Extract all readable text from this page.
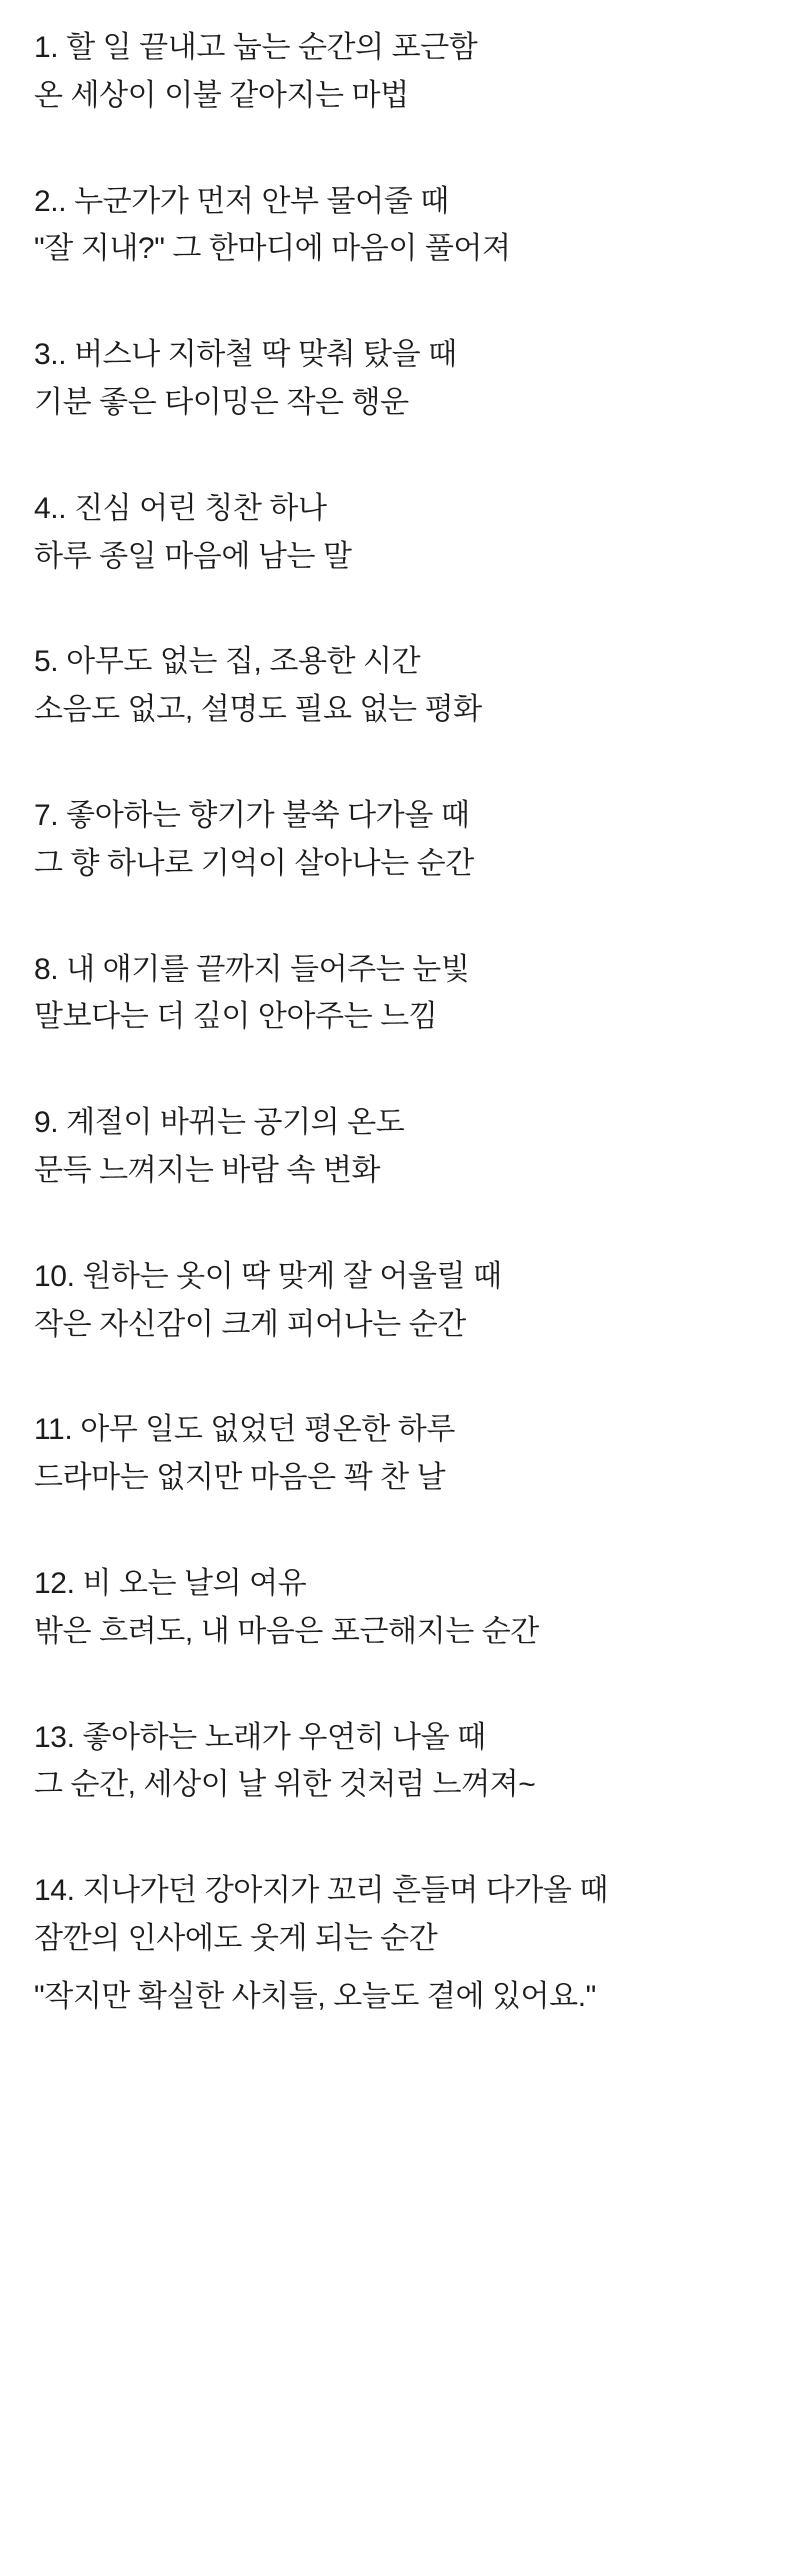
1. 할 일 끝내고 눕는 순간의 포근함
온 세상이 이불 같아지는 마법
2.. 누군가가 먼저 안부 물어줄 때
"잘 지내?" 그 한마디에 마음이 풀어져
3.. 버스나 지하철 딱 맞춰 탔을 때
기분 좋은 타이밍은 작은 행운
4.. 진심 어린 칭찬 하나
하루 종일 마음에 남는 말
5. 아무도 없는 집, 조용한 시간
소음도 없고, 설명도 필요 없는 평화
7. 좋아하는 향기가 불쑥 다가올 때
그 향 하나로 기억이 살아나는 순간
8. 내 얘기를 끝까지 들어주는 눈빛
말보다는 더 깊이 안아주는 느낌
9. 계절이 바뀌는 공기의 온도
문득 느껴지는 바람 속 변화
10. 원하는 옷이 딱 맞게 잘 어울릴 때
작은 자신감이 크게 피어나는 순간
11. 아무 일도 없었던 평온한 하루
드라마는 없지만 마음은 꽉 찬 날
12. 비 오는 날의 여유
밖은 흐려도, 내 마음은 포근해지는 순간
13. 좋아하는 노래가 우연히 나올 때
그 순간, 세상이 날 위한 것처럼 느껴져~
14. 지나가던 강아지가 꼬리 흔들며 다가올 때
잠깐의 인사에도 웃게 되는 순간
"작지만 확실한 사치들, 오늘도 곁에 있어요."
